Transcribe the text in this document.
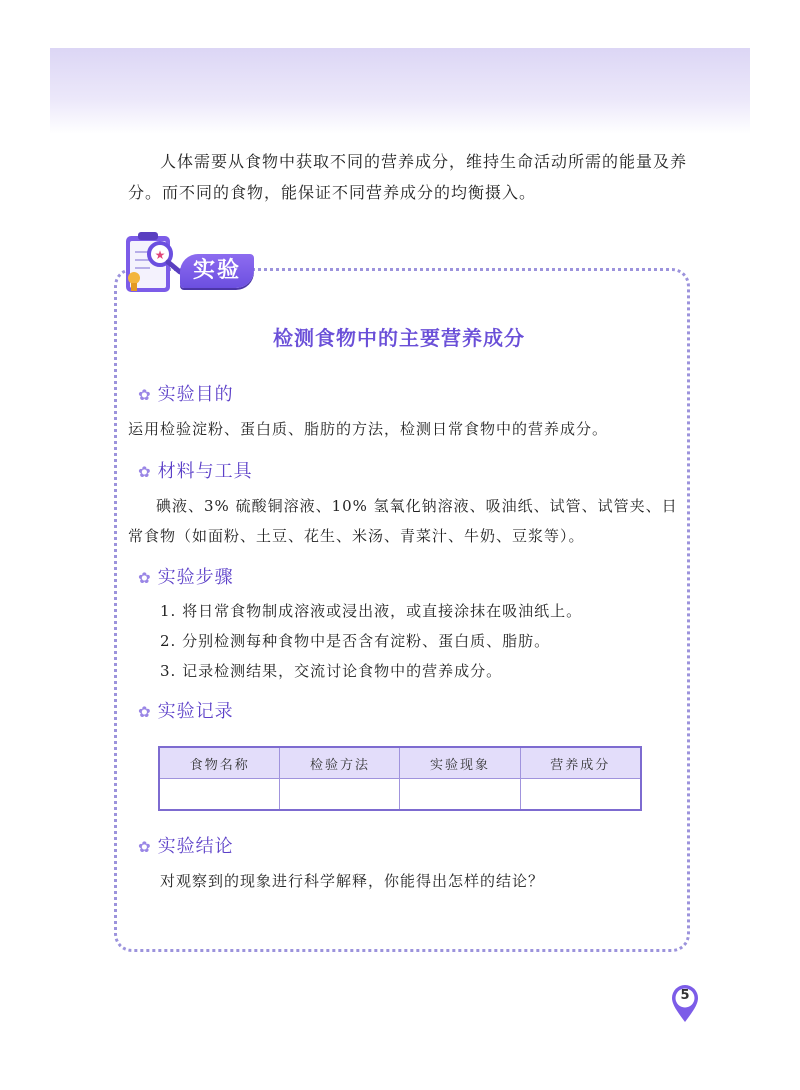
人体需要从食物中获取不同的营养成分，维持生命活动所需的能量及养分。而不同的食物，能保证不同营养成分的均衡摄入。
★
实验
检测食物中的主要营养成分
✿ 实验目的
运用检验淀粉、蛋白质、脂肪的方法，检测日常食物中的营养成分。
✿ 材料与工具
碘液、3% 硫酸铜溶液、10% 氢氧化钠溶液、吸油纸、试管、试管夹、日常食物（如面粉、土豆、花生、米汤、青菜汁、牛奶、豆浆等）。
✿ 实验步骤
1. 将日常食物制成溶液或浸出液，或直接涂抹在吸油纸上。
2. 分别检测每种食物中是否含有淀粉、蛋白质、脂肪。
3. 记录检测结果，交流讨论食物中的营养成分。
✿ 实验记录
食物名称	检验方法	实验现象	营养成分

✿ 实验结论
对观察到的现象进行科学解释，你能得出怎样的结论？
5
